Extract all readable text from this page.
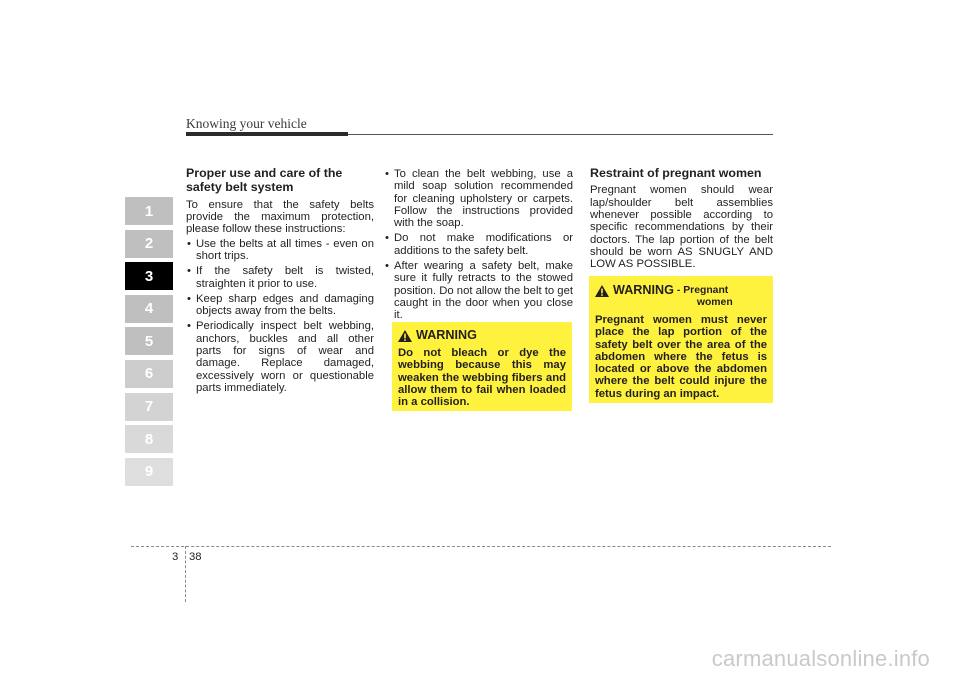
Knowing your vehicle
1
2
3
4
5
6
7
8
9
Proper use and care of the safety belt system

To ensure that the safety belts provide the maximum protection, please follow these instructions:

• Use the belts at all times - even on short trips.
• If the safety belt is twisted, straighten it prior to use.
• Keep sharp edges and damaging objects away from the belts.
• Periodically inspect belt webbing, anchors, buckles and all other parts for signs of wear and damage. Replace damaged, excessively worn or questionable parts immediately.
• To clean the belt webbing, use a mild soap solution recommended for cleaning upholstery or carpets. Follow the instructions provided with the soap.
• Do not make modifications or additions to the safety belt.
• After wearing a safety belt, make sure it fully retracts to the stowed position. Do not allow the belt to get caught in the door when you close it.
WARNING
Do not bleach or dye the webbing because this may weaken the webbing fibers and allow them to fail when loaded in a collision.
Restraint of pregnant women

Pregnant women should wear lap/shoulder belt assemblies whenever possible according to specific recommendations by their doctors. The lap portion of the belt should be worn AS SNUGLY AND LOW AS POSSIBLE.

WARNING - Pregnant
women
Pregnant women must never place the lap portion of the safety belt over the area of the abdomen where the fetus is located or above the abdomen where the belt could injure the fetus during an impact.
3 38
carmanualsonline.info
